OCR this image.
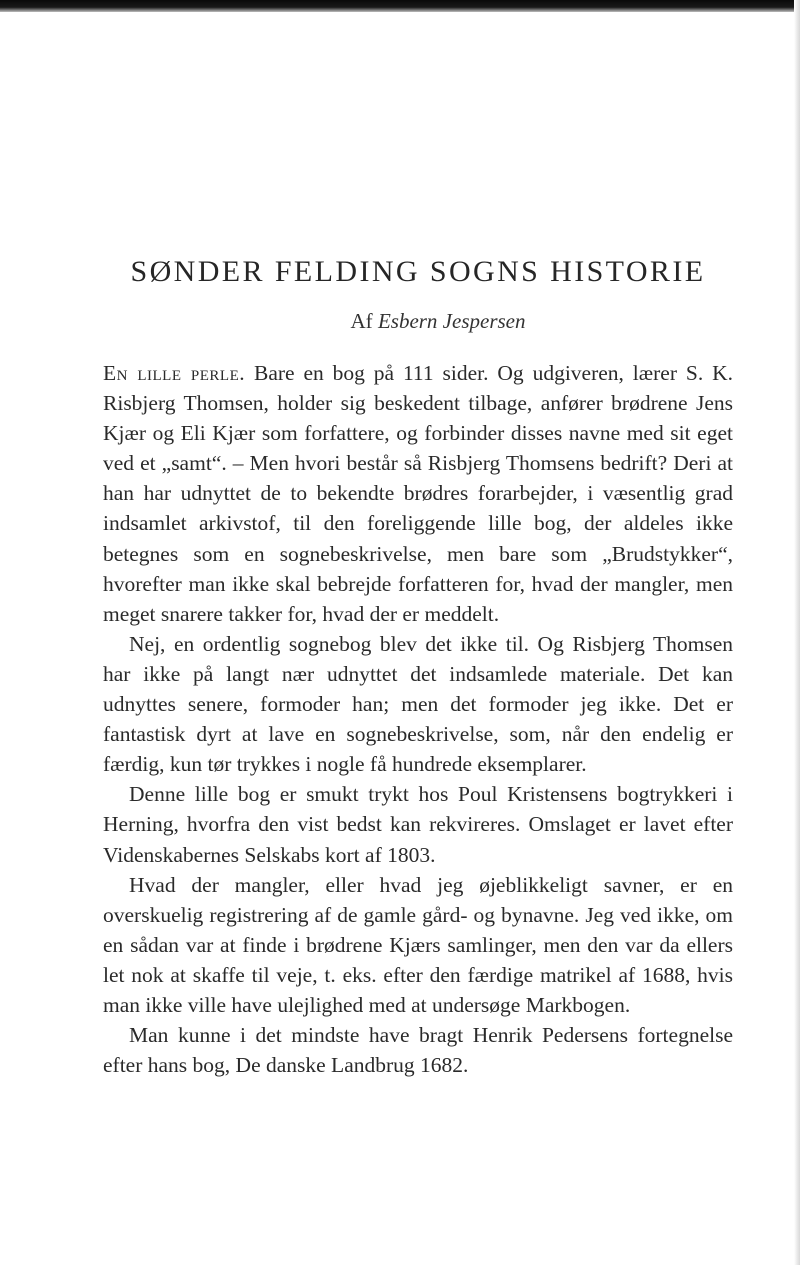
SØNDER FELDING SOGNS HISTORIE
Af Esbern Jespersen

En lille perle. Bare en bog på 111 sider. Og udgiveren, lærer S. K. Risbjerg Thomsen, holder sig beskedent tilbage, anfører brødrene Jens Kjær og Eli Kjær som forfattere, og forbinder disses navne med sit eget ved et „samt“. – Men hvori består så Risbjerg Thomsens bedrift? Deri at han har udnyttet de to bekendte brødres forarbejder, i væsentlig grad indsamlet arkivstof, til den foreliggende lille bog, der aldeles ikke betegnes som en sognebeskrivelse, men bare som „Brudstykker“, hvorefter man ikke skal bebrejde forfatteren for, hvad der mangler, men meget snarere takker for, hvad der er meddelt.

Nej, en ordentlig sognebog blev det ikke til. Og Risbjerg Thomsen har ikke på langt nær udnyttet det indsamlede materiale. Det kan udnyttes senere, formoder han; men det formoder jeg ikke. Det er fantastisk dyrt at lave en sognebeskrivelse, som, når den endelig er færdig, kun tør trykkes i nogle få hundrede eksemplarer.

Denne lille bog er smukt trykt hos Poul Kristensens bogtrykkeri i Herning, hvorfra den vist bedst kan rekvireres. Omslaget er lavet efter Videnskabernes Selskabs kort af 1803.

Hvad der mangler, eller hvad jeg øjeblikkeligt savner, er en overskuelig registrering af de gamle gård- og bynavne. Jeg ved ikke, om en sådan var at finde i brødrene Kjærs samlinger, men den var da ellers let nok at skaffe til veje, t. eks. efter den færdige matrikel af 1688, hvis man ikke ville have ulejlighed med at undersøge Markbogen.

Man kunne i det mindste have bragt Henrik Pedersens fortegnelse efter hans bog, De danske Landbrug 1682.
